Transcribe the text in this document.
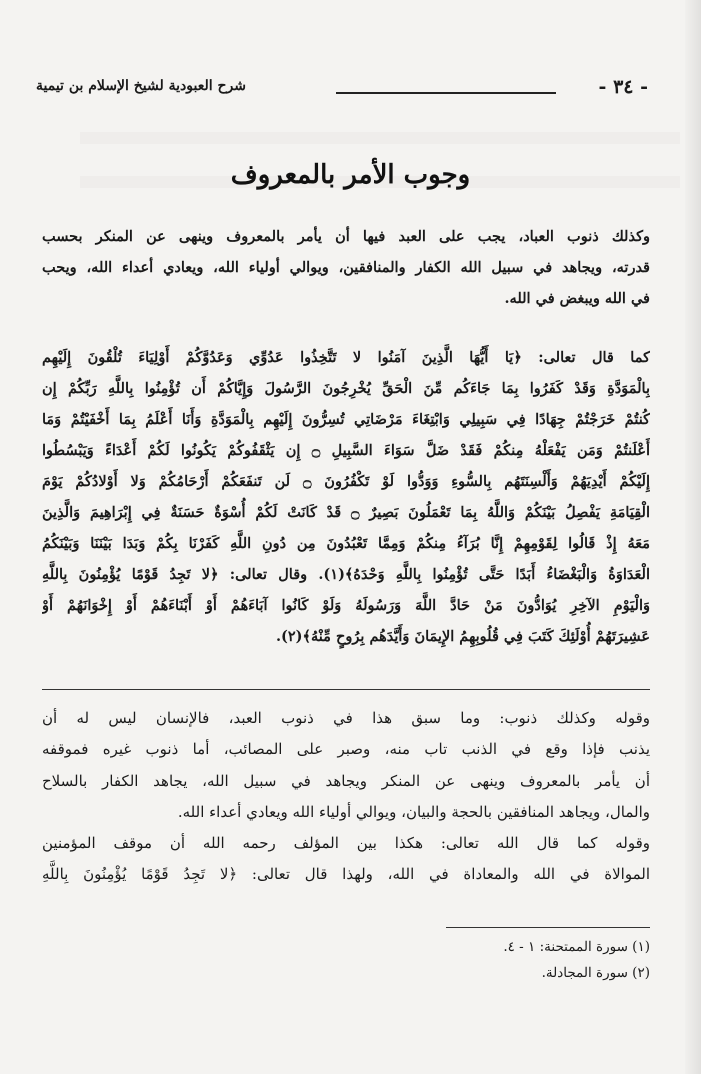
- ٣٤ -
شرح العبودية لشيخ الإسلام بن تيمية
وجوب الأمر بالمعروف
وكذلك ذنوب العباد، يجب على العبد فيها أن يأمر بالمعروف وينهى عن المنكر بحسب
قدرته، ويجاهد في سبيل الله الكفار والمنافقين، ويوالي أولياء الله، ويعادي أعداء الله، ويحب
في الله ويبغض في الله.
كما قال تعالى: ﴿يَا أَيُّهَا الَّذِينَ آمَنُوا لا تَتَّخِذُوا عَدُوِّي وَعَدُوَّكُمْ أَوْلِيَاءَ تُلْقُونَ إِلَيْهِم
بِالْمَوَدَّةِ وَقَدْ كَفَرُوا بِمَا جَاءَكُم مِّنَ الْحَقِّ يُخْرِجُونَ الرَّسُولَ وَإِيَّاكُمْ أَن تُؤْمِنُوا بِاللَّهِ رَبِّكُمْ إِن
كُنتُمْ خَرَجْتُمْ جِهَادًا فِي سَبِيلِي وَابْتِغَاءَ مَرْضَاتِي تُسِرُّونَ إِلَيْهِم بِالْمَوَدَّةِ وَأَنَا أَعْلَمُ بِمَا أَخْفَيْتُمْ وَمَا
أَعْلَنتُمْ وَمَن يَفْعَلْهُ مِنكُمْ فَقَدْ ضَلَّ سَوَاءَ السَّبِيلِ ۝ إِن يَثْقَفُوكُمْ يَكُونُوا لَكُمْ أَعْدَاءً وَيَبْسُطُوا
إِلَيْكُمْ أَيْدِيَهُمْ وَأَلْسِنَتَهُم بِالسُّوءِ وَوَدُّوا لَوْ تَكْفُرُونَ ۝ لَن تَنفَعَكُمْ أَرْحَامُكُمْ وَلا أَوْلادُكُمْ يَوْمَ
الْقِيَامَةِ يَفْصِلُ بَيْنَكُمْ وَاللَّهُ بِمَا تَعْمَلُونَ بَصِيرٌ ۝ قَدْ كَانَتْ لَكُمْ أُسْوَةٌ حَسَنَةٌ فِي إِبْرَاهِيمَ وَالَّذِينَ
مَعَهُ إِذْ قَالُوا لِقَوْمِهِمْ إِنَّا بُرَآءُ مِنكُمْ وَمِمَّا تَعْبُدُونَ مِن دُونِ اللَّهِ كَفَرْنَا بِكُمْ وَبَدَا بَيْنَنَا وَبَيْنَكُمُ
الْعَدَاوَةُ وَالْبَغْضَاءُ أَبَدًا حَتَّى تُؤْمِنُوا بِاللَّهِ وَحْدَهُ﴾(١). وقال تعالى: ﴿لا تَجِدُ قَوْمًا يُؤْمِنُونَ بِاللَّهِ
وَالْيَوْمِ الآخِرِ يُوَادُّونَ مَنْ حَادَّ اللَّهَ وَرَسُولَهُ وَلَوْ كَانُوا آبَاءَهُمْ أَوْ أَبْنَاءَهُمْ أَوْ إِخْوَانَهُمْ أَوْ
عَشِيرَتَهُمْ أُوْلَئِكَ كَتَبَ فِي قُلُوبِهِمُ الإِيمَانَ وَأَيَّدَهُم بِرُوحٍ مِّنْهُ﴾(٢).
وقوله وكذلك ذنوب: وما سبق هذا في ذنوب العبد، فالإنسان ليس له أن
يذنب فإذا وقع في الذنب تاب منه، وصبر على المصائب، أما ذنوب غيره فموقفه
أن يأمر بالمعروف وينهى عن المنكر ويجاهد في سبيل الله، يجاهد الكفار بالسلاح
والمال، ويجاهد المنافقين بالحجة والبيان، ويوالي أولياء الله ويعادي أعداء الله.
وقوله كما قال الله تعالى: هكذا بين المؤلف رحمه الله أن موقف المؤمنين
الموالاة في الله والمعاداة في الله، ولهذا قال تعالى: ﴿لا تَجِدُ قَوْمًا يُؤْمِنُونَ بِاللَّهِ
(١) سورة الممتحنة: ١ - ٤.
(٢) سورة المجادلة.
